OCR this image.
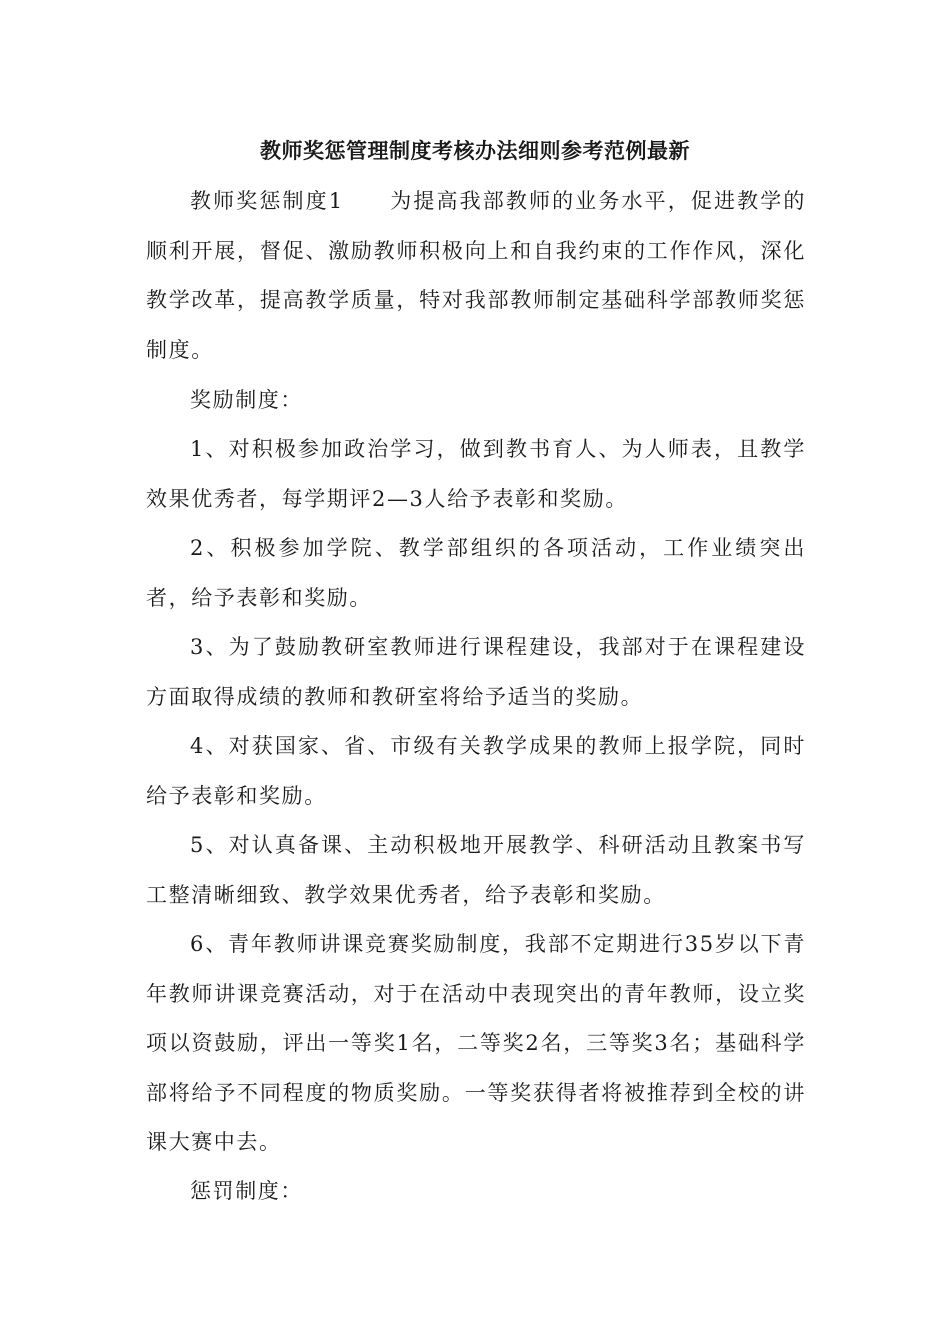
教师奖惩管理制度考核办法细则参考范例最新
教师奖惩制度1 为提高我部教师的业务水平，促进教学的顺利开展，督促、激励教师积极向上和自我约束的工作作风，深化教学改革，提高教学质量，特对我部教师制定基础科学部教师奖惩制度。
奖励制度：
1、对积极参加政治学习，做到教书育人、为人师表，且教学效果优秀者，每学期评2—3人给予表彰和奖励。
2、积极参加学院、教学部组织的各项活动，工作业绩突出者，给予表彰和奖励。
3、为了鼓励教研室教师进行课程建设，我部对于在课程建设方面取得成绩的教师和教研室将给予适当的奖励。
4、对获国家、省、市级有关教学成果的教师上报学院，同时给予表彰和奖励。
5、对认真备课、主动积极地开展教学、科研活动且教案书写工整清晰细致、教学效果优秀者，给予表彰和奖励。
6、青年教师讲课竞赛奖励制度，我部不定期进行35岁以下青年教师讲课竞赛活动，对于在活动中表现突出的青年教师，设立奖项以资鼓励，评出一等奖1名，二等奖2名，三等奖3名；基础科学部将给予不同程度的物质奖励。一等奖获得者将被推荐到全校的讲课大赛中去。
惩罚制度：
